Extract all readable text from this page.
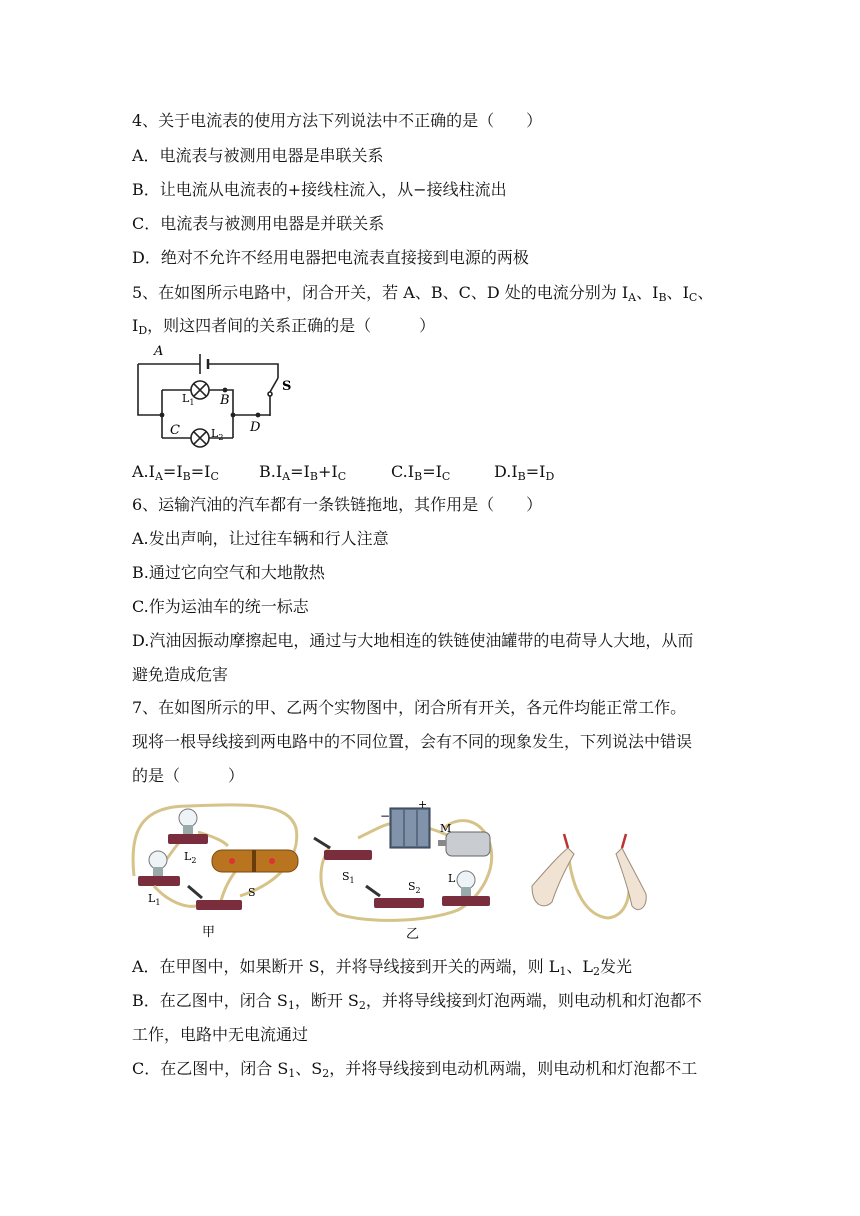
4、关于电流表的使用方法下列说法中不正确的是（　　）
A．电流表与被测用电器是串联关系
B．让电流从电流表的+接线柱流入，从−接线柱流出
C．电流表与被测用电器是并联关系
D．绝对不允许不经用电器把电流表直接接到电源的两极
5、在如图所示电路中，闭合开关，若 A、B、C、D 处的电流分别为 $I_A$、$I_B$、$I_C$、
$I_D$，则这四者间的关系正确的是（　　　）
A
B
C	D
S
$L_1$
$L_2$
$A.I_A=I_B=I_C$	$B.I_A=I_B+I_C$	$C.I_B=I_C$	$D.I_B=I_D$
6、运输汽油的汽车都有一条铁链拖地，其作用是（　　）
A.发出声响，让过往车辆和行人注意
B.通过它向空气和大地散热
C.作为运油车的统一标志
D.汽油因振动摩擦起电，通过与大地相连的铁链使油罐带的电荷导人大地，从而
避免造成危害
7、在如图所示的甲、乙两个实物图中，闭合所有开关，各元件均能正常工作。
现将一根导线接到两电路中的不同位置，会有不同的现象发生，下列说法中错误
的是（　　　）
$L_2$
$L_1$
S
甲
−
+
M
$S_1$	$S_2$
L
乙
A．在甲图中，如果断开 S，并将导线接到开关的两端，则 $L_1$、$L_2$发光
B．在乙图中，闭合 $S_1$，断开 $S_2$，并将导线接到灯泡两端，则电动机和灯泡都不
工作，电路中无电流通过
C．在乙图中，闭合 $S_1$、$S_2$，并将导线接到电动机两端，则电动机和灯泡都不工
